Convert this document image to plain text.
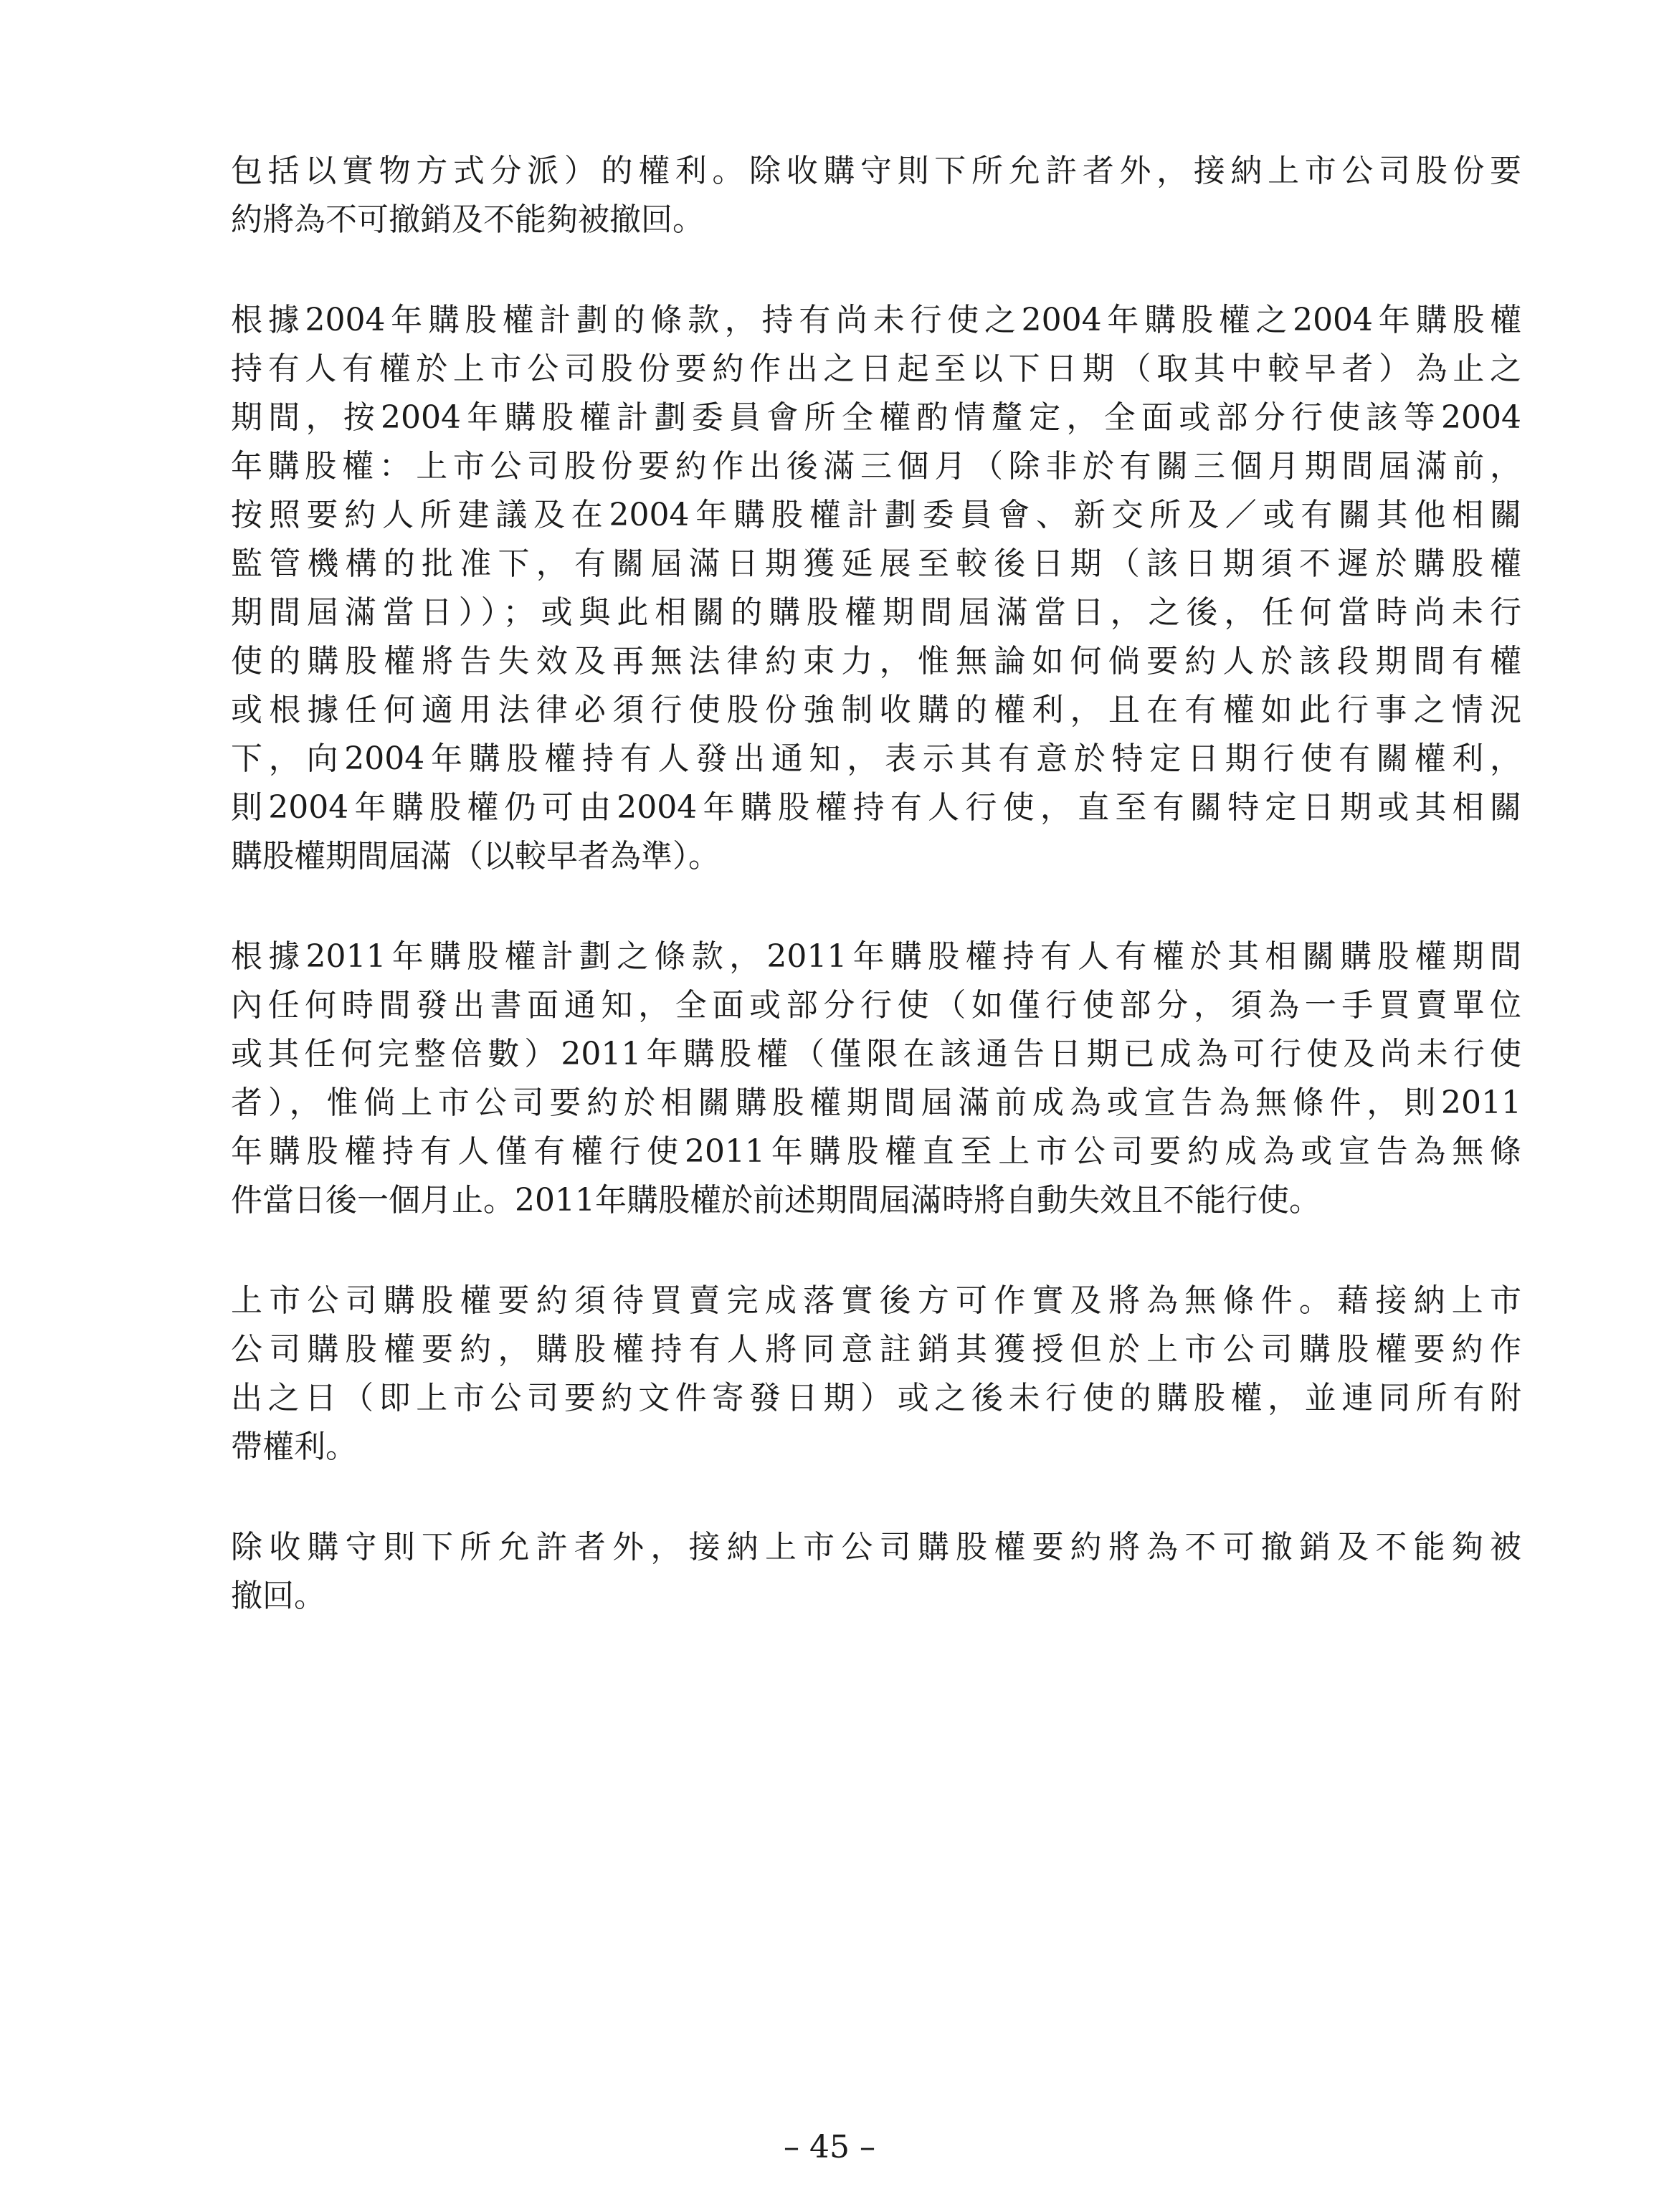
包括以實物方式分派）的權利。除收購守則下所允許者外，接納上市公司股份要
約將為不可撤銷及不能夠被撤回。

根據2004年購股權計劃的條款，持有尚未行使之2004年購股權之2004年購股權
持有人有權於上市公司股份要約作出之日起至以下日期（取其中較早者）為止之
期間，按2004年購股權計劃委員會所全權酌情釐定，全面或部分行使該等2004
年購股權：上市公司股份要約作出後滿三個月（除非於有關三個月期間屆滿前，
按照要約人所建議及在2004年購股權計劃委員會、新交所及／或有關其他相關
監管機構的批准下，有關屆滿日期獲延展至較後日期（該日期須不遲於購股權
期間屆滿當日））；或與此相關的購股權期間屆滿當日，之後，任何當時尚未行
使的購股權將告失效及再無法律約束力，惟無論如何倘要約人於該段期間有權
或根據任何適用法律必須行使股份強制收購的權利，且在有權如此行事之情況
下，向2004年購股權持有人發出通知，表示其有意於特定日期行使有關權利，
則2004年購股權仍可由2004年購股權持有人行使，直至有關特定日期或其相關
購股權期間屆滿（以較早者為準）。

根據2011年購股權計劃之條款，2011年購股權持有人有權於其相關購股權期間
內任何時間發出書面通知，全面或部分行使（如僅行使部分，須為一手買賣單位
或其任何完整倍數）2011年購股權（僅限在該通告日期已成為可行使及尚未行使
者），惟倘上市公司要約於相關購股權期間屆滿前成為或宣告為無條件，則2011
年購股權持有人僅有權行使2011年購股權直至上市公司要約成為或宣告為無條
件當日後一個月止。2011年購股權於前述期間屆滿時將自動失效且不能行使。

上市公司購股權要約須待買賣完成落實後方可作實及將為無條件。藉接納上市
公司購股權要約，購股權持有人將同意註銷其獲授但於上市公司購股權要約作
出之日（即上市公司要約文件寄發日期）或之後未行使的購股權，並連同所有附
帶權利。

除收購守則下所允許者外，接納上市公司購股權要約將為不可撤銷及不能夠被
撤回。

– 45 –
